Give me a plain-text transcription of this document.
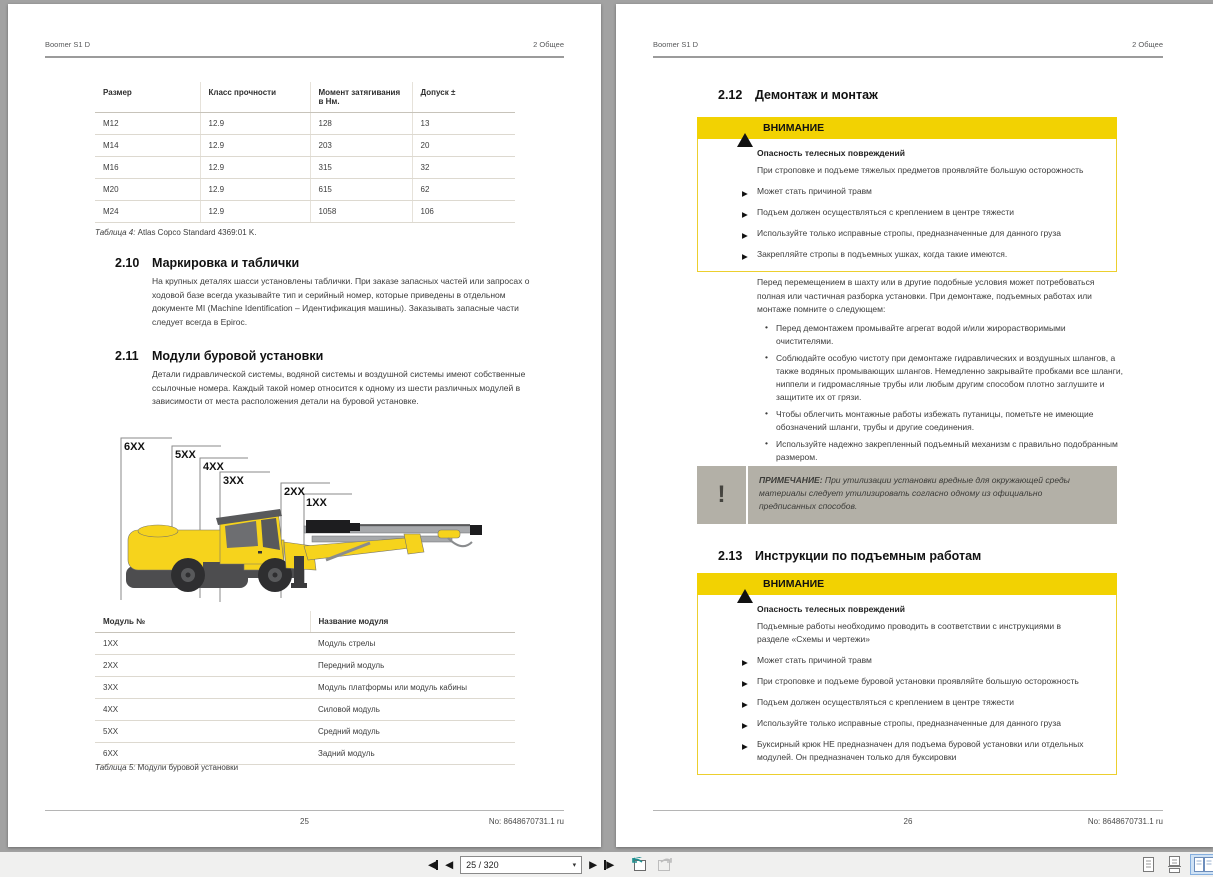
Boomer S1 D	2 Общее
Размер	Класс прочности	Момент затягивания в Нм.	Допуск ±
M12	12.9	128	13
M14	12.9	203	20
M16	12.9	315	32
M20	12.9	615	62
M24	12.9	1058	106
Таблица 4: Atlas Copco Standard 4369:01 K.
2.10	Маркировка и таблички
На крупных деталях шасси установлены таблички. При заказе запасных частей или запросах о ходовой базе всегда указывайте тип и серийный номер, которые приведены в отдельном документе MI (Machine Identification – Идентификация машины). Заказывать запасные части следует всегда в Epiroc.
2.11	Модули буровой установки
Детали гидравлической системы, водяной системы и воздушной системы имеют собственные ссылочные номера. Каждый такой номер относится к одному из шести различных модулей в зависимости от места расположения детали на буровой установке.
6XX
5XX
4XX
3XX
2XX
1XX
Модуль №	Название модуля
1XX	Модуль стрелы
2XX	Передний модуль
3XX	Модуль платформы или модуль кабины
4XX	Силовой модуль
5XX	Средний модуль
6XX	Задний модуль
Таблица 5: Модули буровой установки
25	No: 8648670731.1 ru
Boomer S1 D	2 Общее
2.12	Демонтаж и монтаж
!	ВНИМАНИЕ
Опасность телесных повреждений
При строповке и подъеме тяжелых предметов проявляйте большую осторожность
▶ Может стать причиной травм
▶ Подъем должен осуществляться с креплением в центре тяжести
▶ Используйте только исправные стропы, предназначенные для данного груза
▶ Закрепляйте стропы в подъемных ушках, когда такие имеются.
Перед перемещением в шахту или в другие подобные условия может потребоваться полная или частичная разборка установки. При демонтаже, подъемных работах или монтаже помните о следующем:
• Перед демонтажем промывайте агрегат водой и/или жирорастворимыми очистителями.
• Соблюдайте особую чистоту при демонтаже гидравлических и воздушных шлангов, а также водяных промывающих шлангов. Немедленно закрывайте пробками все шланги, ниппели и гидромасляные трубы или любым другим способом плотно заглушите и защитите их от грязи.
• Чтобы облегчить монтажные работы избежать путаницы, пометьте не имеющие обозначений шланги, трубы и другие соединения.
• Используйте надежно закрепленный подъемный механизм с правильно подобранным размером.
!
ПРИМЕЧАНИЕ: При утилизации установки вредные для окружающей среды материалы следует утилизировать согласно одному из официально предписанных способов.
2.13	Инструкции по подъемным работам
!	ВНИМАНИЕ
Опасность телесных повреждений
Подъемные работы необходимо проводить в соответствии с инструкциями в разделе «Схемы и чертежи»
▶ Может стать причиной травм
▶ При строповке и подъеме буровой установки проявляйте большую осторожность
▶ Подъем должен осуществляться с креплением в центре тяжести
▶ Используйте только исправные стропы, предназначенные для данного груза
▶ Буксирный крюк НЕ предназначен для подъема буровой установки или отдельных модулей. Он предназначен только для буксировки
26	No: 8648670731.1 ru
◀ ◀ 25 / 320	▾ ▶ ▶
